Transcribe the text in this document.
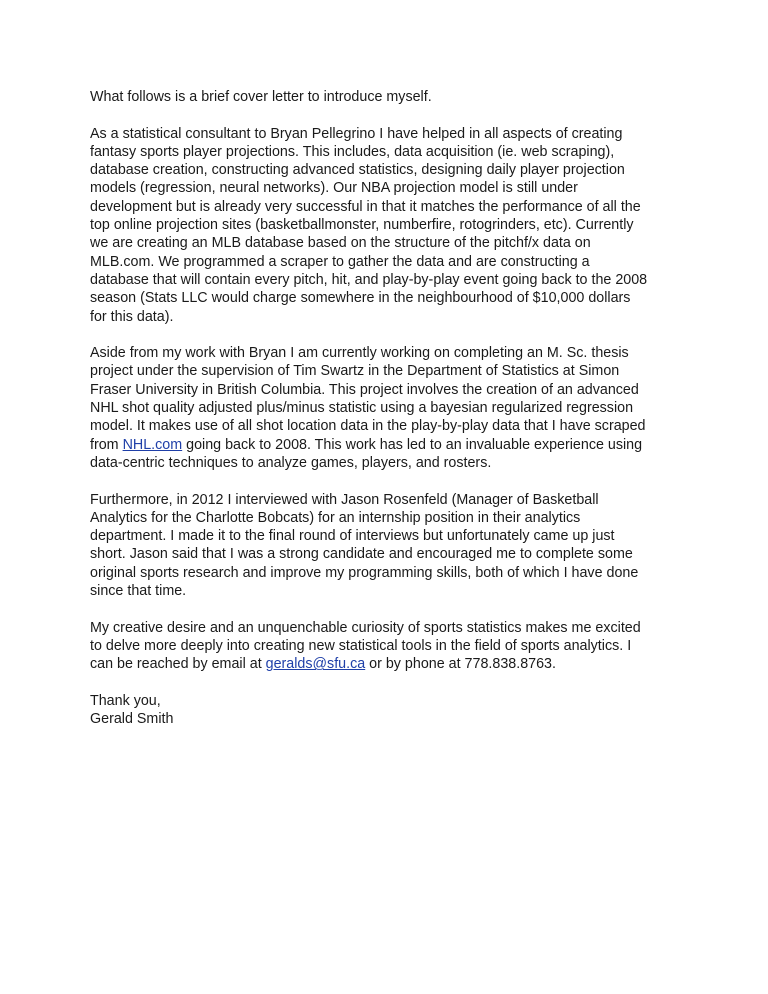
What follows is a brief cover letter to introduce myself.

As a statistical consultant to Bryan Pellegrino I have helped in all aspects of creating
fantasy sports player projections. This includes, data acquisition (ie. web scraping),
database creation, constructing advanced statistics, designing daily player projection
models (regression, neural networks). Our NBA projection model is still under
development but is already very successful in that it matches the performance of all the
top online projection sites (basketballmonster, numberfire, rotogrinders, etc). Currently
we are creating an MLB database based on the structure of the pitchf/x data on
MLB.com. We programmed a scraper to gather the data and are constructing a
database that will contain every pitch, hit, and play-by-play event going back to the 2008
season (Stats LLC would charge somewhere in the neighbourhood of $10,000 dollars
for this data).

Aside from my work with Bryan I am currently working on completing an M. Sc. thesis
project under the supervision of Tim Swartz in the Department of Statistics at Simon
Fraser University in British Columbia. This project involves the creation of an advanced
NHL shot quality adjusted plus/minus statistic using a bayesian regularized regression
model. It makes use of all shot location data in the play-by-play data that I have scraped
from NHL.com going back to 2008. This work has led to an invaluable experience using
data-centric techniques to analyze games, players, and rosters.

Furthermore, in 2012 I interviewed with Jason Rosenfeld (Manager of Basketball
Analytics for the Charlotte Bobcats) for an internship position in their analytics
department. I made it to the final round of interviews but unfortunately came up just
short. Jason said that I was a strong candidate and encouraged me to complete some
original sports research and improve my programming skills, both of which I have done
since that time.

My creative desire and an unquenchable curiosity of sports statistics makes me excited
to delve more deeply into creating new statistical tools in the field of sports analytics. I
can be reached by email at geralds@sfu.ca or by phone at 778.838.8763.

Thank you,
Gerald Smith
